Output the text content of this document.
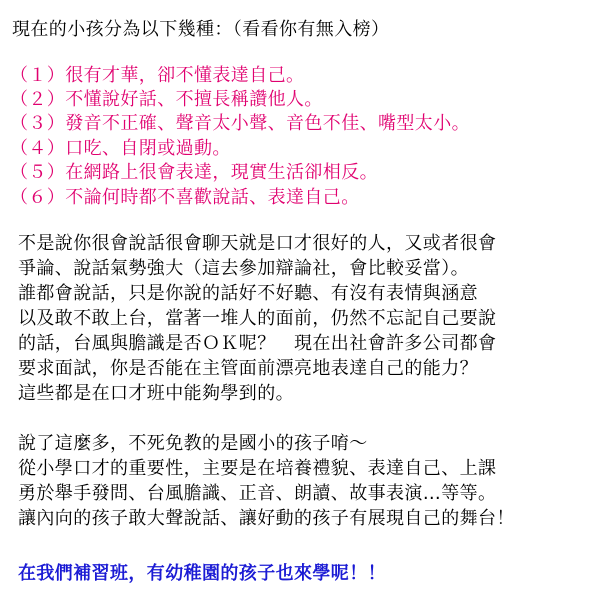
現在的小孩分為以下幾種：（看看你有無入榜）
（１）很有才華，卻不懂表達自己。
（２）不懂說好話、不擅長稱讚他人。
（３）發音不正確、聲音太小聲、音色不佳、嘴型太小。
（４）口吃、自閉或過動。
（５）在網路上很會表達，現實生活卻相反。
（６）不論何時都不喜歡說話、表達自己。
不是說你很會說話很會聊天就是口才很好的人，又或者很會
爭論、說話氣勢強大（這去參加辯論社，會比較妥當）。
誰都會說話，只是你說的話好不好聽、有沒有表情與涵意
以及敢不敢上台，當著一堆人的面前，仍然不忘記自己要說
的話，台風與膽識是否ＯＫ呢？　現在出社會許多公司都會
要求面試，你是否能在主管面前漂亮地表達自己的能力？
這些都是在口才班中能夠學到的。
說了這麼多，不死免教的是國小的孩子唷～
從小學口才的重要性，主要是在培養禮貌、表達自己、上課
勇於舉手發問、台風膽識、正音、朗讀、故事表演…等等。
讓內向的孩子敢大聲說話、讓好動的孩子有展現自己的舞台！
在我們補習班，有幼稚園的孩子也來學呢！！
